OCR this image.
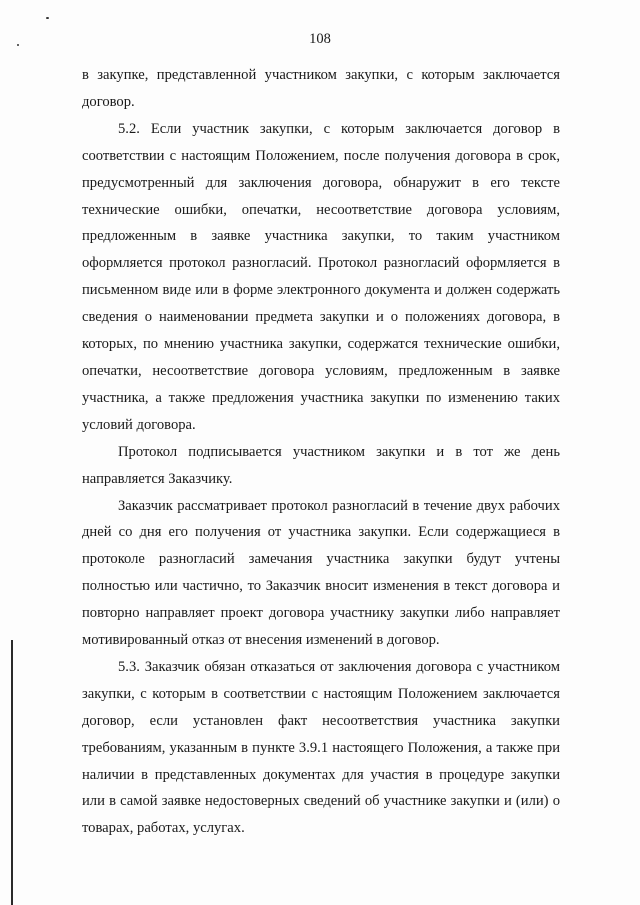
108

в закупке, представленной участником закупки, с которым заключается договор.

5.2. Если участник закупки, с которым заключается договор в соответствии с настоящим Положением, после получения договора в срок, предусмотренный для заключения договора, обнаружит в его тексте технические ошибки, опечатки, несоответствие договора условиям, предложенным в заявке участника закупки, то таким участником оформляется протокол разногласий. Протокол разногласий оформляется в письменном виде или в форме электронного документа и должен содержать сведения о наименовании предмета закупки и о положениях договора, в которых, по мнению участника закупки, содержатся технические ошибки, опечатки, несоответствие договора условиям, предложенным в заявке участника, а также предложения участника закупки по изменению таких условий договора.

Протокол подписывается участником закупки и в тот же день направляется Заказчику.

Заказчик рассматривает протокол разногласий в течение двух рабочих дней со дня его получения от участника закупки. Если содержащиеся в протоколе разногласий замечания участника закупки будут учтены полностью или частично, то Заказчик вносит изменения в текст договора и повторно направляет проект договора участнику закупки либо направляет мотивированный отказ от внесения изменений в договор.

5.3. Заказчик обязан отказаться от заключения договора с участником закупки, с которым в соответствии с настоящим Положением заключается договор, если установлен факт несоответствия участника закупки требованиям, указанным в пункте 3.9.1 настоящего Положения, а также при наличии в представленных документах для участия в процедуре закупки или в самой заявке недостоверных сведений об участнике закупки и (или) о товарах, работах, услугах.
